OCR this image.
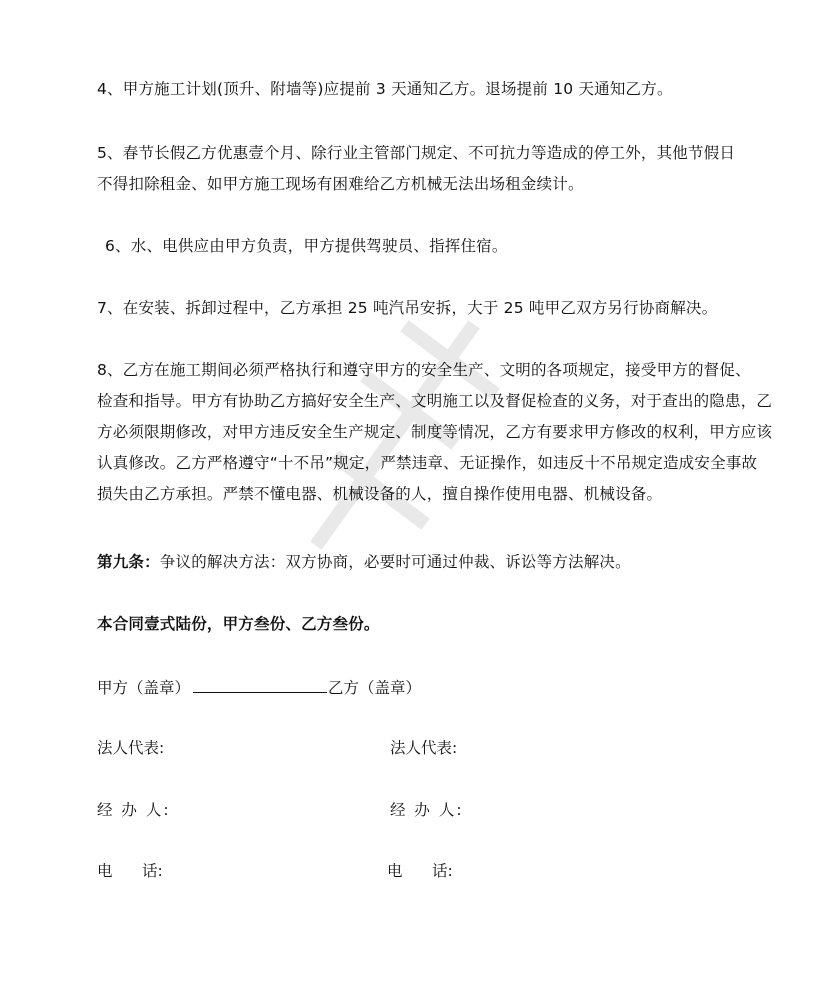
4、甲方施工计划(顶升、附墙等)应提前 3 天通知乙方。退场提前 10 天通知乙方。
5、春节长假乙方优惠壹个月、除行业主管部门规定、不可抗力等造成的停工外，其他节假日
不得扣除租金、如甲方施工现场有困难给乙方机械无法出场租金续计。
6、水、电供应由甲方负责，甲方提供驾驶员、指挥住宿。
7、在安装、拆卸过程中，乙方承担 25 吨汽吊安拆，大于 25 吨甲乙双方另行协商解决。
8、乙方在施工期间必须严格执行和遵守甲方的安全生产、文明的各项规定，接受甲方的督促、
检查和指导。甲方有协助乙方搞好安全生产、文明施工以及督促检查的义务，对于查出的隐患，乙
方必须限期修改，对甲方违反安全生产规定、制度等情况，乙方有要求甲方修改的权利，甲方应该
认真修改。乙方严格遵守“十不吊”规定，严禁违章、无证操作，如违反十不吊规定造成安全事故
损失由乙方承担。严禁不懂电器、机械设备的人，擅自操作使用电器、机械设备。
第九条：争议的解决方法：双方协商，必要时可通过仲裁、诉讼等方法解决。
本合同壹式陆份，甲方叁份、乙方叁份。
甲方（盖章）	乙方（盖章）
法人代表:	法人代表:
经 办 人:	经 办 人:
电      话:	电      话:
